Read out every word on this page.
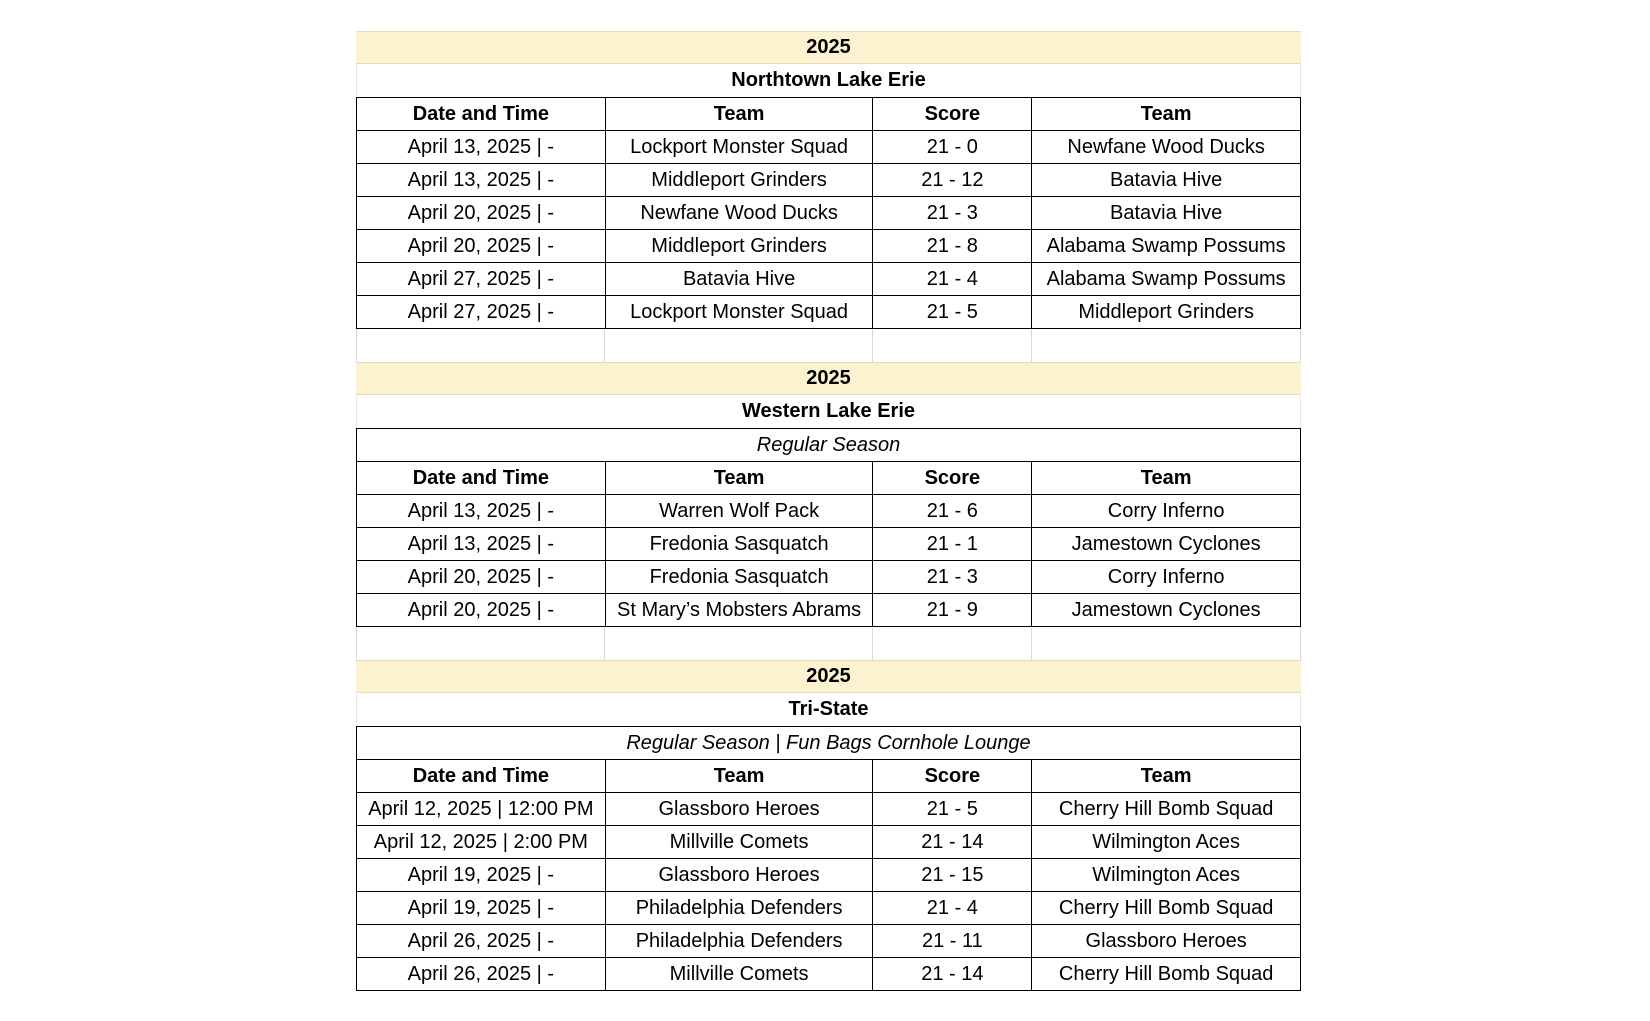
2025
Northtown Lake Erie
Date and Time	Team	Score	Team
April 13, 2025 | -	Lockport Monster Squad	21 - 0	Newfane Wood Ducks
April 13, 2025 | -	Middleport Grinders	21 - 12	Batavia Hive
April 20, 2025 | -	Newfane Wood Ducks	21 - 3	Batavia Hive
April 20, 2025 | -	Middleport Grinders	21 - 8	Alabama Swamp Possums
April 27, 2025 | -	Batavia Hive	21 - 4	Alabama Swamp Possums
April 27, 2025 | -	Lockport Monster Squad	21 - 5	Middleport Grinders
2025
Western Lake Erie
Regular Season
Date and Time	Team	Score	Team
April 13, 2025 | -	Warren Wolf Pack	21 - 6	Corry Inferno
April 13, 2025 | -	Fredonia Sasquatch	21 - 1	Jamestown Cyclones
April 20, 2025 | -	Fredonia Sasquatch	21 - 3	Corry Inferno
April 20, 2025 | -	St Mary’s Mobsters Abrams	21 - 9	Jamestown Cyclones
2025
Tri-State
Regular Season | Fun Bags Cornhole Lounge
Date and Time	Team	Score	Team
April 12, 2025 | 12:00 PM	Glassboro Heroes	21 - 5	Cherry Hill Bomb Squad
April 12, 2025 | 2:00 PM	Millville Comets	21 - 14	Wilmington Aces
April 19, 2025 | -	Glassboro Heroes	21 - 15	Wilmington Aces
April 19, 2025 | -	Philadelphia Defenders	21 - 4	Cherry Hill Bomb Squad
April 26, 2025 | -	Philadelphia Defenders	21 - 11	Glassboro Heroes
April 26, 2025 | -	Millville Comets	21 - 14	Cherry Hill Bomb Squad
